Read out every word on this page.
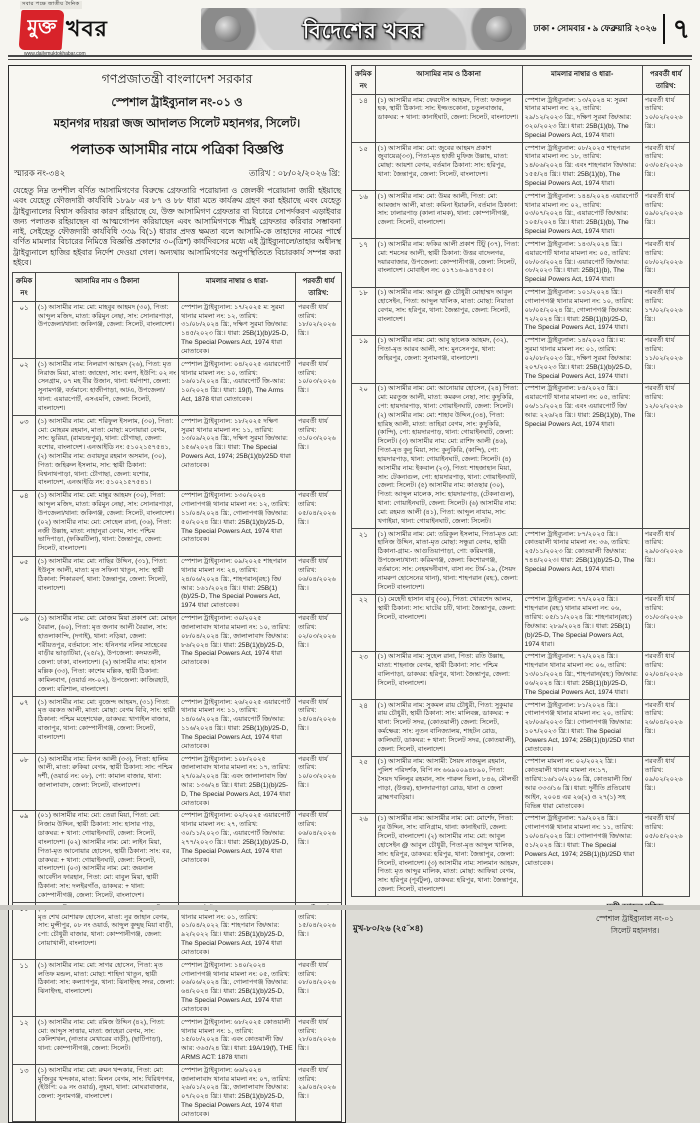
সবার পক্ষে জাতীয় দৈনিক
মুক্ত খবর
www.dailymuktokhabar.com
বিদেশের খবর	ঢাকা • সোমবার • ৯ ফেব্রুয়ারি ২০২৬ ৭
গণপ্রজাতন্ত্রী বাংলাদেশ সরকার
স্পেশাল ট্রাইব্যুনাল নং-০১ ও
মহানগর দায়রা জজ আদালত সিলেট মহানগর, সিলেট।
পলাতক আসামীর নামে পত্রিকা বিজ্ঞপ্তি
স্মারক নং-৩৪২	তারিখ : ০৮/০২/২০২৬ খ্রি:
যেহেতু নিম্ন তপশীল বর্ণিত আসামিগণের বিরুদ্ধে গ্রেফতারি পরোয়ানা ও জেলকী পরোয়ানা জারী হইয়াছে এবং যেহেতু ফৌজদারী কার্যবিধি ১৮৯৮ এর ৮৭ ও ৮৮ ধারা মতে কার্যক্রম গ্রহণ করা হইয়াছে এবং যেহেতু ট্রাইব্যুনালের বিশ্বাস করিবার কারণ রহিয়াছে যে, উক্ত আসামিগণ গ্রেফতার বা বিচারে সোপর্দকরণ এড়াইবার জন্য পলাতক রহিয়াছেন বা আত্মগোপন করিয়াছেন এবং আসামিগণকে শীঘ্রই গ্রেফতার করিবার সম্ভাবনা নাই, সেইহেতু ফৌজদারী কার্যবিধি ৩৩৯ বি(১) ধারার প্রদত্ত ক্ষমতা বলে আসামি-কে তাহাদের নামের পার্শ্বে বর্ণিত মামলার বিচারের নিমিত্তে বিজ্ঞপ্তি প্রকাশের ৩০(ত্রিশ) কার্যদিবসের মধ্যে এই ট্রাইব্যুনালে/তাহার অধীনস্থ ট্রাইব্যুনালে হাজির হইবার নির্দেশ দেওয়া গেল। অন্যথায় আসামিগণের অনুপস্থিতিতে বিচারকার্য সম্পন্ন করা হইবে।
ক্রমিক নং	আসামির নাম ও ঠিকানা	মামলার নাম্বার ও ধারা-	পরবর্তী ধার্য তারিখ:
০১	(১) আসামীর নাম: মো: মাহবুব আহমদ (৩০), পিতা: আব্দুল মজিদ, মাতা: করিমুন নেছা, সাং: সোনারপাড়া, উপজেলা/থানা: জকিগঞ্জ, জেলা: সিলেট, বাংলাদেশ।	স্পেশাল ট্রাইব্যুনাল: ১৭/২০২৫ ম: সুরমা থানার মামলা নং: ১২, তারিখ: ৩১/০৮/২০২৪ খ্রি:, দক্ষিণ সুরমা জি/আর: ১৪৫/২০২৩ খ্রি:। ধারা: 25B(1)(b)/25-D, The Special Powers Act, 1974 ধারা মোতাবেক।	পরবর্তী ধার্য তারিখ: ১৮/০২/২০২৬ খ্রি:।
০২	(১) আসামীর নাম: নিলরাগ আহমদ (২৬), পিতা: মৃত নিরাজ মিয়া, মাতা: জাহেদা, সাং: বলণ, ইউপি: ০২ নং সেনগ্রাম, ০৭ মহ বীর উজান, থানা: ধর্মপাশা, জেলা: সুনামগঞ্জ, বর্তমানে: হাজীপাড়া, আ/এ, উপজেলা/থানা: এয়ারপোর্ট, এসএমপি, জেলা: সিলেট, বাংলাদেশ।	স্পেশাল ট্রাইব্যুনাল: ০৪/২০২৫ এয়ারপোর্ট থানার মামলা নং: ১০, তারিখ: ১৬/০১/২০২৪ খ্রি:, এয়ারপোর্ট জি-আর: ১০/২০২৪ খ্রি:। ধারা: 19(f), The Arms Act, 1878 ধারা মোতাবেক।	পরবর্তী ধার্য তারিখ: ১০/০৩/২০২৬ খ্রি:।
০৩	(১) আসামীর নাম: মো: শরিফুল ইসলাম, (৩০), পিতা: মো: মোহরম রহমান, মাতা: মোছা: মনোয়ারা বেগম, সাং: ভুরিয়া, (রামচন্দ্রপুর), থানা: চৌগাছা, জেলা: যশোর, বাংলাদেশ। এনআইডি নং: ৫১০২১৫৭৫৪১, (২) আসামীর নাম: ওবায়দুর রহমান অসমান, (৩০), পিতা: জহিরুল ইসলাম, সাং: স্থায়ী ঠিকানা: বিশ্বনাথপাড়া, থানা: চৌগাছা, জেলা: যশোর, বাংলাদেশ, এনআইডি নং: ৫১০২১৫৭৫৪১।	স্পেশাল ট্রাইব্যুনাল: ১৮/২০২৫ দক্ষিণ সুরমা থানার মামলা নং: ১১, তারিখ: ১৩/০৯/২০২৪ খ্রি:, দক্ষিণ সুরমা জি/আর: ১৫৬/২০২৪ খ্রি:। ধারা: The Special Powers Act, 1974; 25B(1)(b)/25D ধারা মোতাবেক।	পরবর্তী ধার্য তারিখ: ৩১/০৩/২০২৬ খ্রি:।
০৪	(১) আসামীর নাম: মো: মান্নুর আহমদ (৩০), পিতা: আব্দুল মজিদ, মাতা: করিমুন নেছা, সাং: সোনারপাড়া, উপজেলা/থানা: জকিগঞ্জ, জেলা: সিলেট, বাংলাদেশ। (০২) আসামীর নাম: মো: সোহেল রানা, (৩৬), পিতা: নজী উল্লাহ, মাতা: নাহানুরা বেগম, সাং: পশ্চিম ভাদিপাড়া, (ফকিরটিলা), থানা: জৈন্তাপুর, জেলা: সিলেট, বাংলাদেশ।	স্পেশাল ট্রাইব্যুনাল: ১৩০/২০২৪ গোলাপগঞ্জ থানার মামলা নং: ১২, তারিখ: ১১/০৪/২০২৪ খ্রি:, গোলাপগঞ্জ জি/আর: ৫০/২০২৪ খ্রি:। ধারা: 25B(1)(b)/25-D, The Special Powers Act, 1974 ধারা মোতাবেক।	পরবর্তী ধার্য তারিখ: ০৫/০৪/২০২৬ খ্রি:।
০৫	(১) আসামীর নাম: মো: নাছির উদ্দিন, (৩১), পিতা: ইউনুস আলী, মাতা: মৃত সফিনা খাতুন, সাং: স্থায়ী ঠিকানা: শিকারবর্ণ, থানা: জৈন্তাপুর, জেলা: সিলেট, বাংলাদেশ।	স্পেশাল ট্রাইব্যুনাল: ০৯/২০২৫ শাহপরান থানার মামলা নং: ২৪, তারিখ: ২৪/০৬/২০২৪ খ্রি:, শাহপরান(রহ:) জি/আর: ১৬১/২০২৪ খ্রি:। ধারা: 25B(1)(b)/25-D, The Special Powers Act, 1974 ধারা মোতাবেক।	পরবর্তী ধার্য তারিখ: ০৬/০৪/২০২৬ খ্রি:।
০৬	(১) আসামীর নাম: মো: মোজম মিয়া প্রকাশ মো: মোহন বৈরাল, (৬০), পিতা: মৃত জনাব আলী বৈরাল, সাং: হাতলাকান্দি, (দগাই), থানা: নড়িয়া, জেলা: শরীয়তপুর, বর্তমানে: সাং: ধনিনগর নলির সাহেবের বাড়ীর ভাড়াটিয়া, (২৫/২), উপজেলা: কদমতলী, জেলা: ঢাকা, বাংলাদেশ। (২) আসামীর নাম: হাসান মল্লিক (৩৩), পিতা: কাশেম মল্লিক, স্থায়ী ঠিকানা: কামিলবাগ, (ওয়ার্ড নং-০২), উপজেলা: কাজিরহাট, জেলা: বরিশাল, বাংলাদেশ।	স্পেশাল ট্রাইব্যুনাল: ৩০/২০২৫ জালালাবাদ থানার মামলা নং: ১০, তারিখ: ০৮/০৪/২০২৪ খ্রি:, জালালাবাদ জি/আর: ৮৬/২০২৪ খ্রি:। ধারা: 25B(1)(b)/25-D, The Special Powers Act, 1974 ধারা মোতাবেক।	পরবর্তী ধার্য তারিখ: ০২/০৩/২০২৬ খ্রি:।
০৭	(১) আসামীর নাম: মো: বুজেন্দ আহমদ, (৩১) পিতা: মৃত বরকত আলী, মাতা: মোছা: বেগম বিবি, সাং: স্থায়ী ঠিকানা: পশ্চিম মহেশখেরু, ডাকঘর: খাগাইল বাজার, বাজাপুর, থানা: কোম্পানীগঞ্জ, জেলা: সিলেট, বাংলাদেশ।	স্পেশাল ট্রাইব্যুনাল: ২৬/২০২৫ এয়ারপোর্ট থানার মামলা নং: ১১, তারিখ: ১৪/০৬/২০২৪ খ্রি:, এয়ারপোর্ট জি/আর: ১১৬/২০২৪ খ্রি:। ধারা: 25B(1)(b)/25-D, The Special Powers Act, 1974 ধারা মোতাবেক।	পরবর্তী ধার্য তারিখ: ১৫/০৪/২০২৬ খ্রি:।
০৮	(১) আসামীর নাম: রিপন আলী (৩৩), পিতা: হালিম আলী, মাতা: রুকিয়া বেগম, স্থায়ী ঠিকানা: সাং: পশ্চিম দর্শী, (ওয়ার্ড নং: ০৮), পো: কামাল বাজার, থানা: জালালাবাদ, জেলা: সিলেট, বাংলাদেশ।	স্পেশাল ট্রাইব্যুনাল: ১০৮/২০২৫ জালালাবাদ থানার মামলা নং: ১৭, তারিখ: ২৭/০৯/২০২৪ খ্রি: এবং জালালাবাদ জি/আর: ১৩৬/২৪ খ্রি:। ধারা: 25B(1)(b)/25-D, The Special Powers Act, 1974 ধারা মোতাবেক।	পরবর্তী ধার্য তারিখ: ১০/০৩/২০২৬ খ্রি:।
০৯	(০১) আসামীর নাম: মো: তেরা মিয়া, পিতা: মো: নিজাম উদ্দিন, স্থায়ী ঠিকানা: সাং: হাসার পাড়, ডাকঘর: + থানা: গোয়াইনঘাট, জেলা: সিলেট, বাংলাদেশ। (০২) আসামীর নাম: মো: লাইন মিয়া, পিতা-মৃত আনোয়ার হোসেন, স্থায়ী ঠিকানা: সাং: বর, ডাকঘর: + থানা: গোয়াইনঘাট, জেলা: সিলেট, বাংলাদেশ। (০৩) আসামীর নাম: মো: জয়নাল আবেদীন ফারহান, পিতা: মো: বাবুল মিয়া, স্থায়ী ঠিকানা: সাং: দলইরগাঁও, ডাকঘর: + থানা: কোম্পানীগঞ্জ, জেলা: সিলেট, বাংলাদেশ।	স্পেশাল ট্রাইব্যুনাল: ০২/২০২৫ এয়ারপোর্ট থানার মামলা নং: ২৭, তারিখ: ৩০/১১/২০২৩ খ্রি:, এয়ারপোর্ট জি/আর: ২৭৭/২০২৩ খ্রি:। ধারা: 25B(1)(b)/25-D, The Special Powers Act, 1974 ধারা মোতাবেক।	পরবর্তী ধার্য তারিখ: ০৬/০৪/২০২৬ খ্রি:।
	মৃত শেখ মোশারফ হোসেন, মাতা: নুর জাহান বেগম, সাং: মুন্সীপুর, ০৮ নং ওয়ার্ড, আব্দুল কুদ্দুছ মিয়া বাড়ী, পো: চৌধুরী বাজার, থানা: কোম্পানীগঞ্জ, জেলা: নোয়াখালী, বাংলাদেশ।	থানার মামলা নং: ০১, তারিখ: ০১/০৪/২০২২ খ্রি: শাহপরান জি/আর: ৯২/২০২২ খ্রি:। ধারা: 25B(1)(b)/25-D, The Special Powers Act, 1974 ধারা মোতাবেক।	তারিখ: ১৫/০৪/২০২৬ খ্রি:।
১১	(১) আসামীর নাম: মো: সাগর হোসেন, পিতা: মৃত লতিফ মন্ডল, মাতা: মোছা: শাহিদা খাতুন, স্থায়ী ঠিকানা: সাং: কল্যাণপুর, থানা: ঝিনাইদহ সদর, জেলা: ঝিনাইদহ, বাংলাদেশ।	স্পেশাল ট্রাইব্যুনাল: ১৪০/২০২৪ গোলাপগঞ্জ থানার মামলা নং: ০৫, তারিখ: ০৬/০৬/২০২৪ খ্রি:, গোলাপগঞ্জ জি/আর: ৬৪/২০২৪ খ্রি:। ধারা: 25B(1)(b)/25-D, The Special Powers Act, 1974 ধারা মোতাবেক।	পরবর্তী ধার্য তারিখ: ০৮/০৪/২০২৬ খ্রি:।
১২	(১) আসামীর নাম: মো: রমিজ উদ্দিন (৪২), পিতা: মো: আব্দুস সাত্তার, মাতা: জাহেরা বেগম, সাং: কেলিশখল, (নাতার মেখারের বাড়ী), (ছাটিপাড়া), থানা: কোম্পানীগঞ্জ, জেলা: সিলেট।	স্পেশাল ট্রাইব্যুনাল: ৬৮/২০২৫ কোতয়ালী থানার মামলা নং: ১, তারিখ: ১৫/০৮/২০২৪ খ্রি: এবং কোতয়ালী জি/আর: ৩৬৫/২৪ খ্রি:। ধারা: 19A/19(f), THE ARMS ACT: 1878 ধারা।	পরবর্তী ধার্য তারিখ: ২৮/০৪/২০২৬ খ্রি:।
১৩	(১) আসামীর নাম: মো: রুমন খন্দকার, পিতা: মো: মুজিবুর খন্দকার, মাতা: মিলন বেগম, সাং: খিরিধণগর, (ইউপি: ০৯ নং ওয়ার্ড), নুহমা, থানা: মোঘরাবাজার, জেলা: সুনামগঞ্জ, বাংলাদেশ।	স্পেশাল ট্রাইব্যুনাল: ৬৬/২০২৪ জালালাবাদ থানার মামলা নং: ০৭, তারিখ: ২৬/০১/২০২৪ খ্রি:, জালালাবাদ জি/আর: ০৭/২০২৪ খ্রি:। ধারা: 25B(1)(b)/25-D, The Special Powers Act, 1974 ধারা মোতাবেক।	পরবর্তী ধার্য তারিখ: ২৯/০৪/২০২৬ খ্রি:।
ক্রমিক নং	আসামির নাম ও ঠিকানা	মামলার নাম্বার ও ধারা-	পরবর্তী ধার্য তারিখ:
১৪	(১) আসামীর নাম: ফেরদৌস আহমদ, পিতা: ফজলুল হক, স্থায়ী ঠিকানা: সাং: ইজ্জতকোনা, চতুলবাজার, ডাকঘর: + থানা: কানাইঘাট, জেলা: সিলেট, বাংলাদেশ।	স্পেশাল ট্রাইব্যুনাল: ১৩/২০২৪ ম: সুরমা থানার মামলা নং: ২২, তারিখ: ২৯/১২/২০২৩ খ্রি:, দক্ষিণ সুরমা জি/আর: ৩২০/২০২৩ খ্রি:। ধারা: 25B(1)(b), The Special Powers Act, 1974 ধারা।	পরবর্তী ধার্য তারিখ: ১০/০২/২০২৬ খ্রি:।
১৫	(১) আসামীর নাম: মো: জুবের আহমদ প্রকাশ জুবায়ের(৩৩), পিতা-মৃত হাজী মুফিজ উল্লাহ, মাতা: মোছা: আয়শা বেগম, বর্তমান ঠিকানা: সাং: হরিপুর, থানা: জৈন্তাপুর, জেলা: সিলেট, বাংলাদেশ।	স্পেশাল ট্রাইব্যুনাল: ০৮/২০২৫ শাহপরান থানার মামলা নং: ১৮, তারিখ: ১৪/০৬/২০২৪ খ্রি: এবং শাহপরান জি/আর: ১৫৫/২৪ খ্রি:। ধারা: 25B(1)(b), The Special Powers Act, 1974 ধারা।	পরবর্তী ধার্য তারিখ: ০৩/০৫/২০২৬ খ্রি:।
১৬	(১) আসামীর নাম: মো: উমর আলী, পিতা: মো: আমজাদ আলী, মাতা: কমিনা ইয়ারুনি, বর্তমান ঠিকানা: সাং: ঢালারপাড় (কালা নামক), থানা: কোম্পানীগঞ্জ, জেলা: সিলেট, বাংলাদেশ।	স্পেশাল ট্রাইব্যুনাল: ১৪৪/২০২৪ এয়ারপোর্ট থানার মামলা নং: ০২, তারিখ: ০৩/০৭/২০২৪ খ্রি:, এয়ারপোর্ট জি/আর: ১০৫/২০২৪ খ্রি:। ধারা: 25B(1)(b), The Special Powers Act, 1974 ধারা।	পরবর্তী ধার্য তারিখ: ০৯/০২/২০২৬ খ্রি:।
১৭	(১) আসামীর নাম: ফকির আলী প্রকাশ টিটু (৩৭), পিতা: মো: শমসের আলী, স্থায়ী ঠিকানা: উত্তর বাদেলগর, দয়ারবাজার, উপজেলা: কোম্পানীগঞ্জ, জেলা: সিলেট, বাংলাদেশ। মোবাইল নং: ০১৭১৬-৯৪৭৫৫৩।	স্পেশাল ট্রাইব্যুনাল: ১৪৩/২০২৪ খ্রি:। এয়ারপোর্ট থানার মামলা নং: ০৫, তারিখ: ০৮/০৩/২০২৪ খ্রি:। এয়ারপোর্ট জি/আর: ৩৮/২০২৩ খ্রি:। ধারা: 25B(1)(b), The Special Powers Act, 1974 ধারা।	পরবর্তী ধার্য তারিখ: ০৮/০২/২০২৬ খ্রি:।
১৮	(১) আসামীর নাম: আবুল @ চৌধুরী মোহাম্মদ আবুল হোসেইন, পিতা: আব্দুল খালিক, মাতা: মোছা: নিয়াতা বেগম, সাং: হরিপুর, থানা: জৈন্তাপুর, জেলা: সিলেট, বাংলাদেশ।	স্পেশাল ট্রাইব্যুনাল: ১০১/২০২৪ খ্রি:। গোলাপগঞ্জ থানার মামলা নং: ১০, তারিখ: ০৮/০৫/২০২৪ খ্রি:, গোলাপগঞ্জ জি/আর: ৭২/২০২৪ খ্রি:। ধারা: 25B(1)(b)/25-D, The Special Powers Act, 1974 ধারা।	পরবর্তী ধার্য তারিখ: ১৭/০২/২০২৬ খ্রি:।
১৯	(১) আসামীর নাম: মো: আবু ছালেক আহমদ, (৩২), পিতা-মৃত আরব আলী, সাং: মুনসেনপুর, থানা: জহিরপুর, জেলা: সুনামগঞ্জ, বাংলাদেশ।	স্পেশাল ট্রাইব্যুনাল: ১৪/২০২৫ খ্রি:। ম: সুরমা থানার মামলা নং: ০১, তারিখ: ০২/০৮/২০২৩ খ্রি:, দক্ষিণ সুরমা জি/আর: ২০৭/২০২৩ খ্রি:। ধারা: 25B(1)(b)/25-D, The Special Powers Act, 1974 ধারা।	পরবর্তী ধার্য তারিখ: ১১/০২/২০২৬ খ্রি:।
২০	(১) আসামীর নাম: মো: আনোয়ার হোসেন, (২৪) পিতা: মো: মরতুজ আলী, মাতা: কমরুন নেছা, সাং: কুদুকিরি, পো: হায়দারপাড়, থানা: গোয়াইনঘাট, জেলা: সিলেট। (২) আসামীর নাম: মো: শাহাব উদ্দিন,(৩৪), পিতা: হারিছ আলী, মাতা: তাহিরা বেগম, সাং: কুদুকিরি, (কান্দি), পো: হায়দারপাড়, থানা: গোয়াইনঘাট, জেলা: সিলেট। (৩) আসামীর নাম: মো: রাশিদ আলী (৪৬), পিতা-মৃত কুনু মিয়া, সাং: কুনুকিরি, (কান্দি), পো: হায়দারপাড়, থানা: গোয়াইনঘাট, জেলা: সিলেট। (৪) আসামীর নাম: ইকবাল (২৩), পিতা: শাহজাহান মিয়া, সাং: টেকনাগুল, পো: হায়দারপাড়, থানা: গোয়াইনঘাট, জেলা: সিলেট। (৫) আসামীর নাম: কাওছার (৩০), পিতা: আব্দুল মালেক, সাং: হায়দারপাড়, (টেকনাগুল), থানা: গোয়াইনঘাট, জেলা: সিলেট। (৬) আসামীর নাম: মো: রহমত আলী (৪১), পিতা: আব্দুল নাযাম, সাং: খগাইয়া, থানা: গোয়াইনঘাট, জেলা: সিলেট।	স্পেশাল ট্রাইব্যুনাল: ৮৪/২০২৫ খ্রি:। এয়ারপোর্ট থানার মামলা নং: ০৫, তারিখ: ০৬/১১/২০২৪ খ্রি: এবং এয়ারপোর্ট জি/আর: ২২৬/২৪ খ্রি:। ধারা: 25B(1)(b), The Special Powers Act, 1974 ধারা।	পরবর্তী ধার্য তারিখ: ১২/০২/২০২৬ খ্রি:।
২১	(১) আসামীর নাম: মো: তরিকুল ইসলাম, পিতা-মৃত মো: হানিজ উদ্দিন, মাতা-মৃত মোছা: সন্ধুরা বেগম, স্থায়ী ঠিকানা-গ্রাম:- আগুতিয়াপাড়া, পো: করিমগঞ্জ, উপজেলা/থানা: করিমগঞ্জ, জেলা: কিশোরগঞ্জ, বর্তমানে: সাং: নেহমদনীবাগ, বাসা নং: টার্ম-১৯, (সৈয়দ নামরুণ হোসেনের থানা), থানা: শাহপরান (রহ:), জেলা: সিলেট বাংলাদেশ।	স্পেশাল ট্রাইব্যুনাল: ৮৭/২০২৫ খ্রি:। কোতয়ালী থানার মামলা নং: ৩৬, তারিখ: ২৫/১১/২০২৩ খ্রি: কোতয়ালী জি/আর: ৭৪৪/২০২৩। ধারা: 25B(1)(b)/25-D, The Special Powers Act, 1974 ধারা।	পরবর্তী ধার্য তারিখ: ২৯/০৩/২০২৬ খ্রি:।
২২	(১) মেহেদী হাসান বাবু (৩০), পিতা: খোরশেদ আলম, স্থায়ী ঠিকানা: সাং: ঘাটের চটি, থানা: জৈন্তাপুর, জেলা: সিলেট, বাংলাদেশ।	স্পেশাল ট্রাইব্যুনাল: ৭৭/২০২৫ খ্রি:। শাহপরান (রহ:) থানার মামলা নং: ০৬, তারিখ: ০৫/১১/২০২৪ খ্রি: শাহপরান(রহ:) জি/আর: ২৮৯/২০২৪ খ্রি:। ধারা: 25B(1)(b)/25-D, The Special Powers Act, 1974 ধারা।	পরবর্তী ধার্য তারিখ: ৩১/০৩/২০২৬ খ্রি:।
২৩	(১) আসামীর নাম: সুহেল রানা, পিতা: রতি উল্লাহ, মাতা: শাহনাজ বেগম, স্থায়ী ঠিকানা: সাং: পশ্চিম বালিপাড়া, ডাকঘর: হরিপুর, থানা: জৈন্তাপুর, জেলা: সিলেট, বাংলাদেশ।	স্পেশাল ট্রাইব্যুনাল: ৭২/২০২৪ খ্রি:। শাহপরান থানার মামলা নং: ০৬, তারিখ: ১৩/০১/২০২৪ খ্রি:, শাহপরান(রহ:) জি/আর: ০৬/২০২৪ খ্রি:। ধারা: 25B(1)(b)/25-D, The Special Powers Act, 1974 ধারা।	পরবর্তী ধার্য তারিখ: ০২/০৪/২০২৬ খ্রি:।
২৪	(১) আসামীর নাম: সুকমল রায় চৌধুরী, পিতা: সুকুমার রায় চৌধুরী, স্থায়ী ঠিকানা: সাং: মালিবক্স, ডাকঘর: + থানা: সিলেট সদর, (কোতয়ালী) জেলা: সিলেট, কর্মক্ষেত্র: সাং: নুতন বানিজ্যালয়, শাহটন রোড, কালিঘাট, ডাকঘর: + থানা: সিলেট সদর, (কোতয়ালী), জেলা: সিলেট, বাংলাদেশ।	স্পেশাল ট্রাইব্যুনাল: ৮১/২০২৪ খ্রি:। গোলাপগঞ্জ থানার মামলা নং: ২০, তারিখ: ২৮/০৬/২০২৩ খ্রি:। গোলাপগঞ্জ জি/আর: ১০৭/২০২৩ খ্রি:। ধারা: The Special Powers Act, 1974; 25B(1)(b)/25D ধারা মোতাবেক।	পরবর্তী ধার্য তারিখ: ২৬/০৪/২০২৬ খ্রি:।
২৫	(১) আসামীর নাম: আসামী: সৈয়দ নাজমুল রহমান, পুলিশ পরিদর্শক, বিপি নং ৬৬৯০০৯৪৮৯০, পিতা: সৈয়দ খলিলুর রহমান, সাং পারুল ভিলা, ৮৪৬, মৌলভী পাড়া, (উত্তর), হালদারপাড়া রোড, থানা ও জেলা ব্রাহ্মণবাড়িয়া।	স্পেশাল মামলা নং: ০২/২০২২ খ্রি:। কোতয়ালী থানার মামলা নং:১৭, তারিখ:১৬/১০/২০১৬ খ্রি, কোতয়ালী জি/আর ৩৩৩/১৬ খ্রি। ধারা: দুর্নীতি প্রতিরোধ আইন, ২০০৪ এর ২৬(২) ও ২৭(১) সহ বিভিন্ন ধারা মোতাবেক।	পরবর্তী ধার্য তারিখ: ০৯/০২/২০২৬ খ্রি:।
২৬	(১) আসামীর নাম: আসামীর নাম: মো: মোর্শেদ, পিতা: নুর উদ্দিন, সাং: বানিগ্রাম, থানা: কানাইঘাট, জেলা: সিলেট, বাংলাদেশ। (২) আসামীর নাম: মো: আবুল হোসেইন @ আবুল চৌধুরী, পিতা-মৃত আব্দুল খালিক, সাং: হরিপুর, ডাকঘর: হরিপুর, থানা: জৈন্তাপুর, জেলা: সিলেট, বাংলাদেশ। (৩) আসামীর নাম: সালমান আহমদ, পিতা: মৃত আব্দুর মালিক, মাতা: মোছা: আফিয়া বেগম, সাং: হরিপুর (পূর্বটুল), ডাকঘর: হরিপুর, থানা: জৈন্তাপুর, জেলা: সিলেট, বাংলাদেশ।	স্পেশাল ট্রাইব্যুনাল: ৭৯/২০২৪ খ্রি:। গোলাপগঞ্জ থানার মামলা নং: ১১, তারিখ: ১০/০৪/২০২৪ খ্রি:। গোলাপগঞ্জ জি/আর: ৫১/২০২৪ খ্রি:। ধারা: The Special Powers Act, 1974; 25B(1)(b)/25D ধারা মোতাবেক।	পরবর্তী ধার্য তারিখ: ০৫/০৫/২০২৬ খ্রি:।
মুখ-৮০/২৬ (২৫˝×৪)
স্পেশাল ট্রাইব্যুনাল নং-০১
সিলেট মহানগর।
